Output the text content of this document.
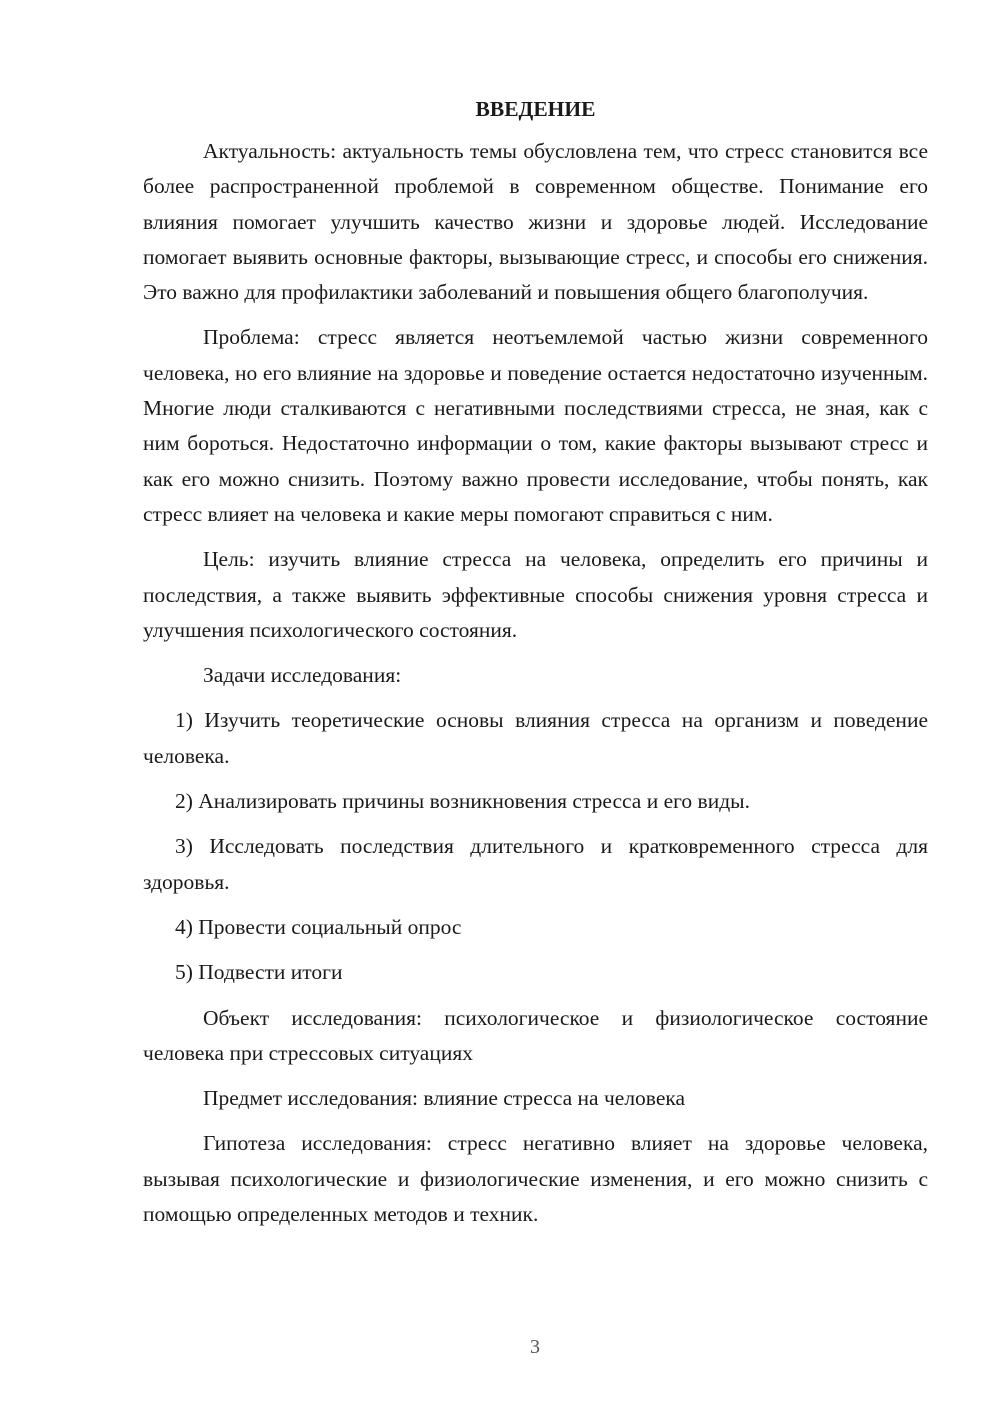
ВВЕДЕНИЕ

Актуальность: актуальность темы обусловлена тем, что стресс становится все более распространенной проблемой в современном обществе. Понимание его влияния помогает улучшить качество жизни и здоровье людей. Исследование помогает выявить основные факторы, вызывающие стресс, и способы его снижения. Это важно для профилактики заболеваний и повышения общего благополучия.

Проблема: стресс является неотъемлемой частью жизни современного человека, но его влияние на здоровье и поведение остается недостаточно изученным. Многие люди сталкиваются с негативными последствиями стресса, не зная, как с ним бороться. Недостаточно информации о том, какие факторы вызывают стресс и как его можно снизить. Поэтому важно провести исследование, чтобы понять, как стресс влияет на человека и какие меры помогают справиться с ним.

Цель: изучить влияние стресса на человека, определить его причины и последствия, а также выявить эффективные способы снижения уровня стресса и улучшения психологического состояния.

Задачи исследования:

1) Изучить теоретические основы влияния стресса на организм и поведение человека.

2) Анализировать причины возникновения стресса и его виды.

3) Исследовать последствия длительного и кратковременного стресса для здоровья.

4) Провести социальный опрос

5) Подвести итоги

Объект исследования: психологическое и физиологическое состояние человека при стрессовых ситуациях

Предмет исследования: влияние стресса на человека

Гипотеза исследования: стресс негативно влияет на здоровье человека, вызывая психологические и физиологические изменения, и его можно снизить с помощью определенных методов и техник.

3
